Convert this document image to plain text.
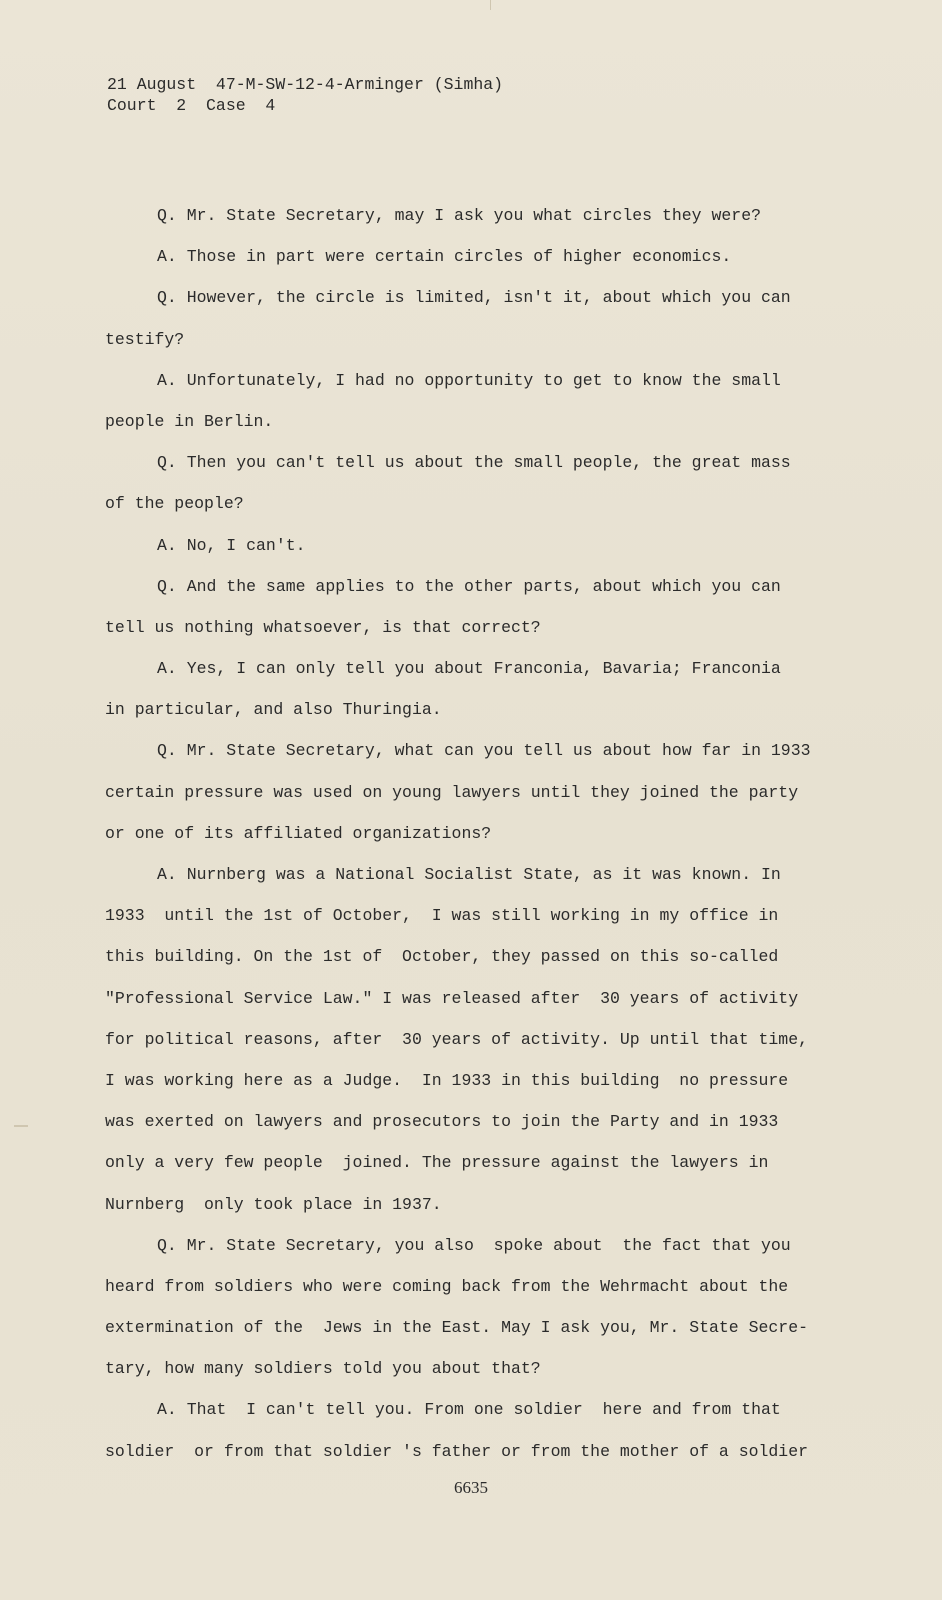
21 August  47-M-SW-12-4-Arminger (Simha)
Court  2  Case  4
Q. Mr. State Secretary, may I ask you what circles they were?
A. Those in part were certain circles of higher economics.
Q. However, the circle is limited, isn't it, about which you can
testify?
A. Unfortunately, I had no opportunity to get to know the small
people in Berlin.
Q. Then you can't tell us about the small people, the great mass
of the people?
A. No, I can't.
Q. And the same applies to the other parts, about which you can
tell us nothing whatsoever, is that correct?
A. Yes, I can only tell you about Franconia, Bavaria; Franconia
in particular, and also Thuringia.
Q. Mr. State Secretary, what can you tell us about how far in 1933
certain pressure was used on young lawyers until they joined the party
or one of its affiliated organizations?
A. Nurnberg was a National Socialist State, as it was known. In
1933  until the 1st of October,  I was still working in my office in
this building. On the 1st of  October, they passed on this so-called
"Professional Service Law." I was released after  30 years of activity
for political reasons, after  30 years of activity. Up until that time,
I was working here as a Judge.  In 1933 in this building  no pressure
was exerted on lawyers and prosecutors to join the Party and in 1933
only a very few people  joined. The pressure against the lawyers in
Nurnberg  only took place in 1937.
Q. Mr. State Secretary, you also  spoke about  the fact that you
heard from soldiers who were coming back from the Wehrmacht about the
extermination of the  Jews in the East. May I ask you, Mr. State Secre-
tary, how many soldiers told you about that?
A. That  I can't tell you. From one soldier  here and from that
soldier  or from that soldier 's father or from the mother of a soldier
6635
